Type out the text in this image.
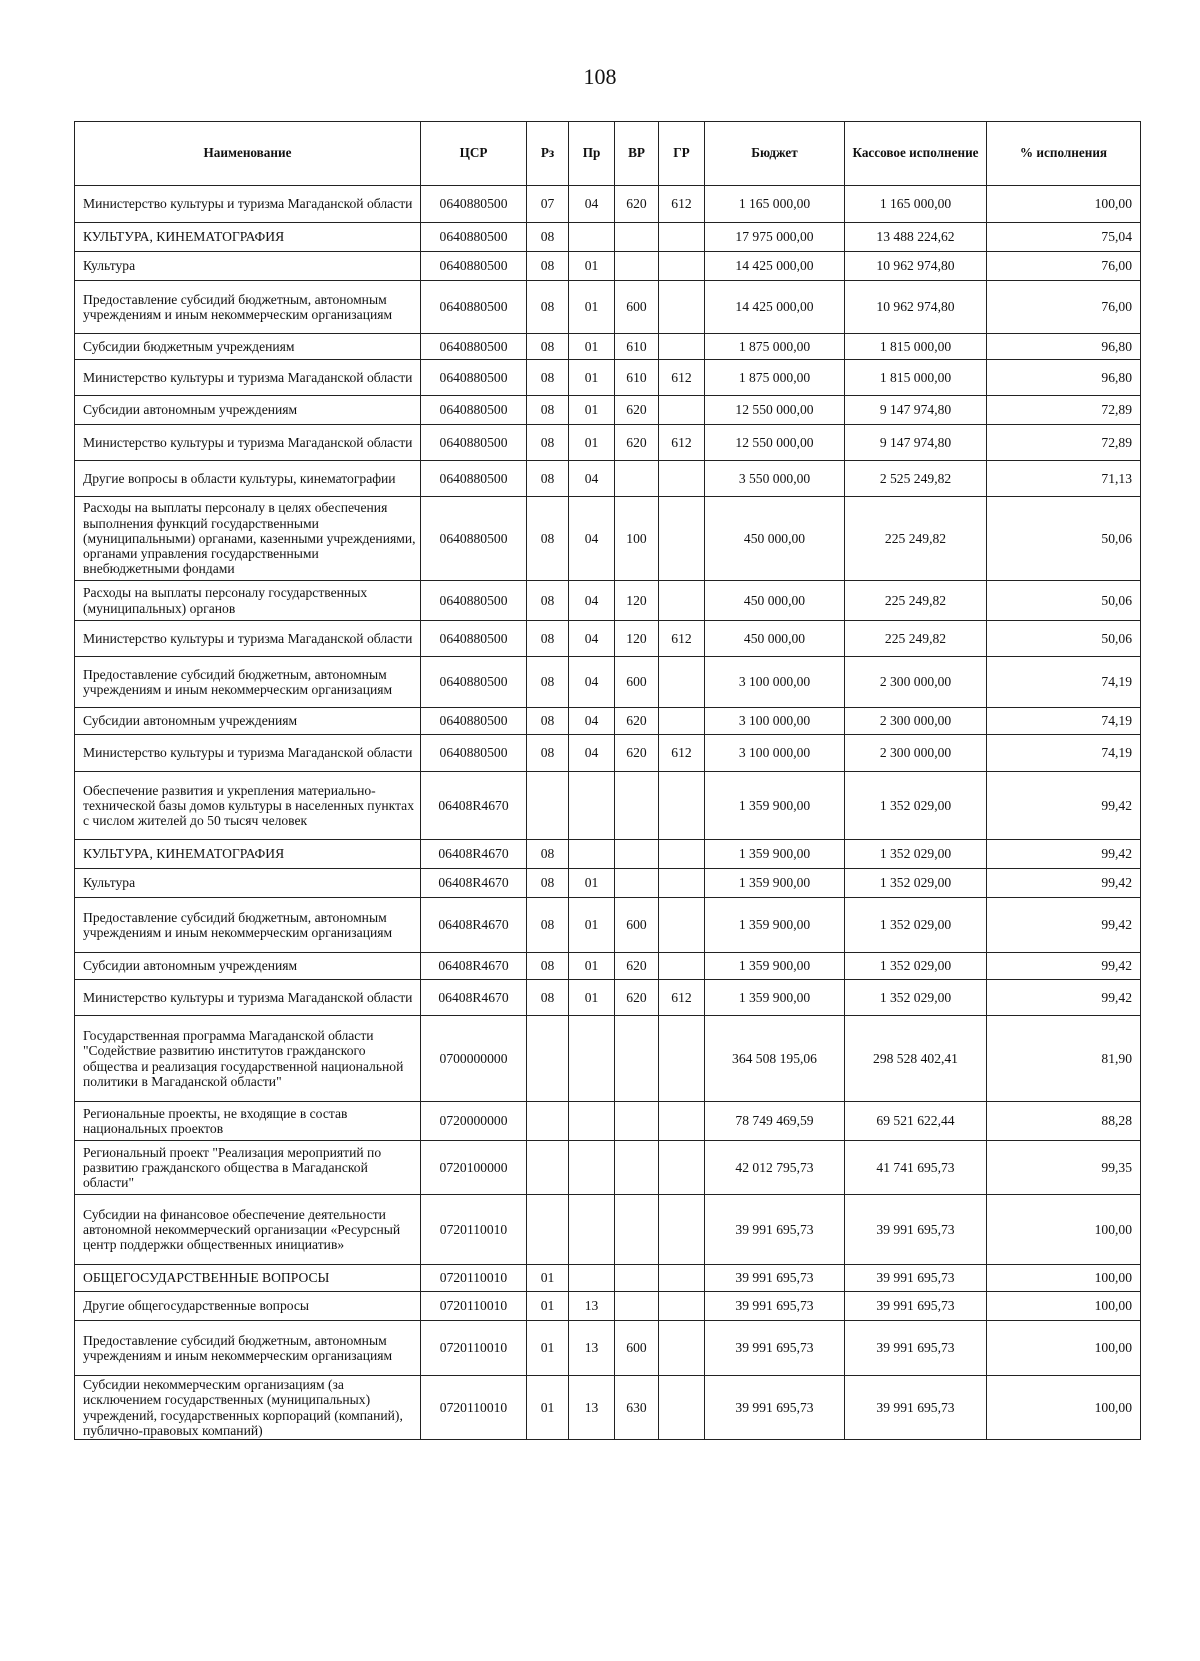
108
Наименование	ЦСР	Рз	Пр	ВР	ГР	Бюджет	Кассовое исполнение	% исполнения
Министерство культуры и туризма Магаданской области	0640880500	07	04	620	612	1 165 000,00	1 165 000,00	100,00
КУЛЬТУРА, КИНЕМАТОГРАФИЯ	0640880500	08				17 975 000,00	13 488 224,62	75,04
Культура	0640880500	08	01			14 425 000,00	10 962 974,80	76,00
Предоставление субсидий бюджетным, автономным учреждениям и иным некоммерческим организациям	0640880500	08	01	600		14 425 000,00	10 962 974,80	76,00
Субсидии бюджетным учреждениям	0640880500	08	01	610		1 875 000,00	1 815 000,00	96,80
Министерство культуры и туризма Магаданской области	0640880500	08	01	610	612	1 875 000,00	1 815 000,00	96,80
Субсидии автономным учреждениям	0640880500	08	01	620		12 550 000,00	9 147 974,80	72,89
Министерство культуры и туризма Магаданской области	0640880500	08	01	620	612	12 550 000,00	9 147 974,80	72,89
Другие вопросы в области культуры, кинематографии	0640880500	08	04			3 550 000,00	2 525 249,82	71,13
Расходы на выплаты персоналу в целях обеспечения выполнения функций государственными (муниципальными) органами, казенными учреждениями, органами управления государственными внебюджетными фондами	0640880500	08	04	100		450 000,00	225 249,82	50,06
Расходы на выплаты персоналу государственных (муниципальных) органов	0640880500	08	04	120		450 000,00	225 249,82	50,06
Министерство культуры и туризма Магаданской области	0640880500	08	04	120	612	450 000,00	225 249,82	50,06
Предоставление субсидий бюджетным, автономным учреждениям и иным некоммерческим организациям	0640880500	08	04	600		3 100 000,00	2 300 000,00	74,19
Субсидии автономным учреждениям	0640880500	08	04	620		3 100 000,00	2 300 000,00	74,19
Министерство культуры и туризма Магаданской области	0640880500	08	04	620	612	3 100 000,00	2 300 000,00	74,19
Обеспечение развития и укрепления материально-технической базы домов культуры в населенных пунктах с числом жителей до 50 тысяч человек	06408R4670					1 359 900,00	1 352 029,00	99,42
КУЛЬТУРА, КИНЕМАТОГРАФИЯ	06408R4670	08				1 359 900,00	1 352 029,00	99,42
Культура	06408R4670	08	01			1 359 900,00	1 352 029,00	99,42
Предоставление субсидий бюджетным, автономным учреждениям и иным некоммерческим организациям	06408R4670	08	01	600		1 359 900,00	1 352 029,00	99,42
Субсидии автономным учреждениям	06408R4670	08	01	620		1 359 900,00	1 352 029,00	99,42
Министерство культуры и туризма Магаданской области	06408R4670	08	01	620	612	1 359 900,00	1 352 029,00	99,42
Государственная программа Магаданской области "Содействие развитию институтов гражданского общества и реализация государственной национальной политики в Магаданской области"	0700000000					364 508 195,06	298 528 402,41	81,90
Региональные проекты, не входящие в состав национальных проектов	0720000000					78 749 469,59	69 521 622,44	88,28
Региональный проект "Реализация мероприятий по развитию гражданского общества в Магаданской области"	0720100000					42 012 795,73	41 741 695,73	99,35
Субсидии на финансовое обеспечение деятельности автономной некоммерческий организации «Ресурсный центр поддержки общественных инициатив»	0720110010					39 991 695,73	39 991 695,73	100,00
ОБЩЕГОСУДАРСТВЕННЫЕ ВОПРОСЫ	0720110010	01				39 991 695,73	39 991 695,73	100,00
Другие общегосударственные вопросы	0720110010	01	13			39 991 695,73	39 991 695,73	100,00
Предоставление субсидий бюджетным, автономным учреждениям и иным некоммерческим организациям	0720110010	01	13	600		39 991 695,73	39 991 695,73	100,00
Субсидии некоммерческим организациям (за исключением государственных (муниципальных) учреждений, государственных корпораций (компаний), публично-правовых компаний)	0720110010	01	13	630		39 991 695,73	39 991 695,73	100,00
